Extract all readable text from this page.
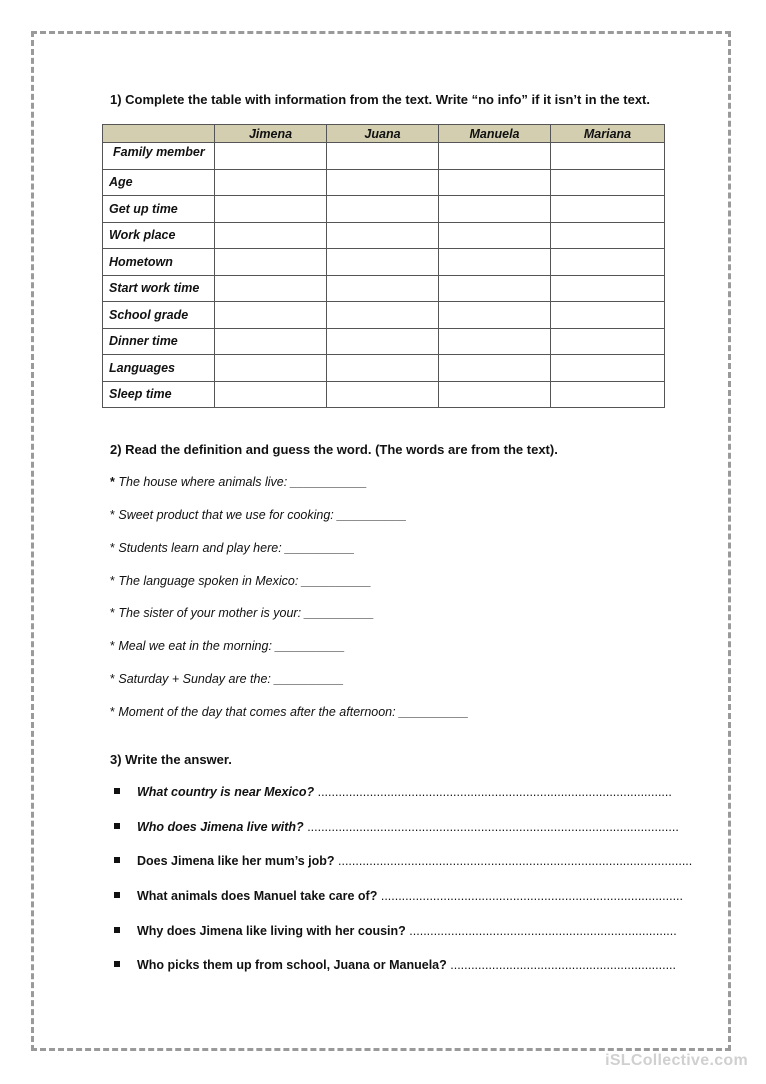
1) Complete the table with information from the text. Write “no info” if it isn’t in the text.
	Jimena	Juana	Manuela	Mariana
Family member				
Age				
Get up time				
Work place				
Hometown				
Start work time				
School grade				
Dinner time				
Languages				
Sleep time				
2) Read the definition and guess the word. (The words are from the text).
* The house where animals live: ___________
* Sweet product that we use for cooking: __________
* Students learn and play here: __________
* The language spoken in Mexico: __________
* The sister of your mother is your: __________
* Meal we eat in the morning: __________
* Saturday + Sunday are the: __________
* Moment of the day that comes after the afternoon: __________
3) Write the answer.
What country is near Mexico? ......................................................................................................
Who does Jimena live with? ...........................................................................................................
Does Jimena like her mum’s job? ......................................................................................................
What animals does Manuel take care of? .......................................................................................
Why does Jimena like living with her cousin? .............................................................................
Who picks them up from school, Juana or Manuela? .................................................................
iSLCollective.com
